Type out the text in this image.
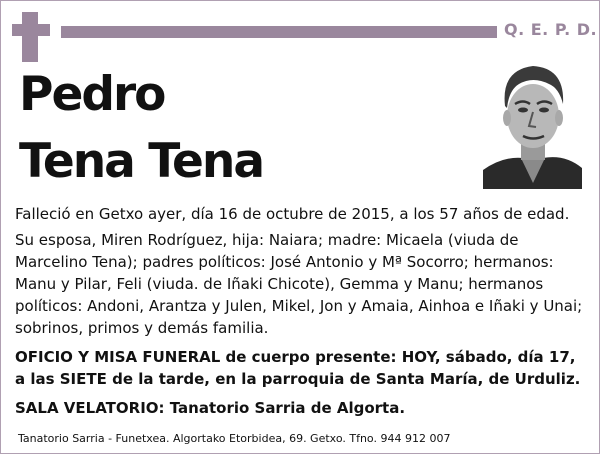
Q. E. P. D.
Pedro
Tena Tena
Falleció en Getxo ayer, día 16 de octubre de 2015, a los 57 años de edad.
Su esposa, Miren Rodríguez, hija: Naiara; madre: Micaela (viuda de Marcelino Tena); padres políticos: José Antonio y Mª Socorro; hermanos: Manu y Pilar, Feli (viuda. de Iñaki Chicote), Gemma y Manu; hermanos políticos: Andoni, Arantza y Julen, Mikel, Jon y Amaia, Ainhoa e Iñaki y Unai; sobrinos, primos y demás familia.
OFICIO Y MISA FUNERAL de cuerpo presente: HOY, sábado, día 17, a las SIETE de la tarde, en la parroquia de Santa María, de Urduliz.
SALA VELATORIO: Tanatorio Sarria de Algorta.
Tanatorio Sarria - Funetxea. Algortako Etorbidea, 69. Getxo. Tfno. 944 912 007
